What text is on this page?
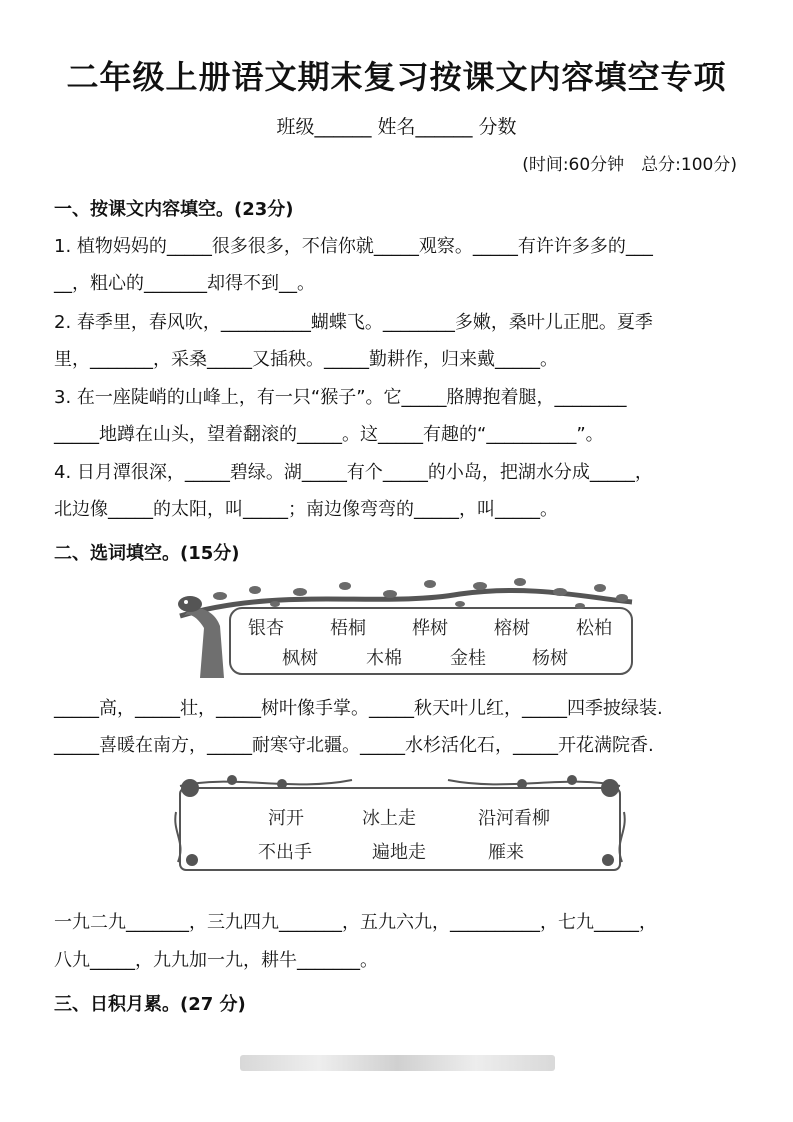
二年级上册语文期末复习按课文内容填空专项
班级______ 姓名______ 分数
(时间:60分钟　总分:100分)
一、按课文内容填空。(23分)
1. 植物妈妈的_____很多很多，不信你就_____观察。_____有许许多多的___
__，粗心的_______却得不到__。
2. 春季里，春风吹，__________蝴蝶飞。________多嫩，桑叶儿正肥。夏季
里，_______，采桑_____又插秧。_____勤耕作，归来戴_____。
3. 在一座陡峭的山峰上，有一只“猴子”。它_____胳膊抱着腿，________
_____地蹲在山头，望着翻滚的_____。这_____有趣的“__________”。
4. 日月潭很深，_____碧绿。湖_____有个_____的小岛，把湖水分成_____，
北边像_____的太阳，叫_____；南边像弯弯的_____，叫_____。
二、选词填空。(15分)
银杏	梧桐	桦树	榕树	松柏
枫树	木棉	金桂	杨树
_____高，_____壮，_____树叶像手掌。_____秋天叶儿红，_____四季披绿装.
_____喜暖在南方，_____耐寒守北疆。_____水杉活化石，_____开花满院香.
河开	冰上走	沿河看柳
不出手	遍地走	雁来
一九二九_______，三九四九_______，五九六九，__________，七九_____，
八九_____，九九加一九，耕牛_______。
三、日积月累。(27 分)
